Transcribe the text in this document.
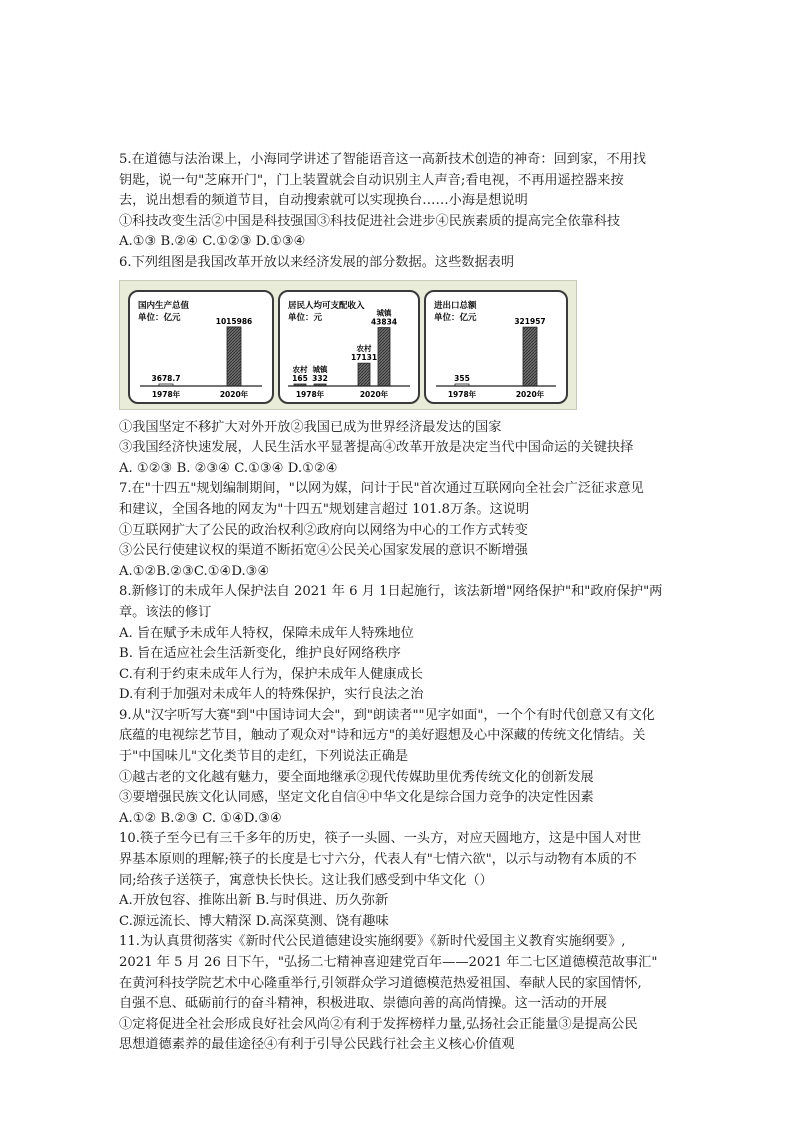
5.在道德与法治课上，小海同学讲述了智能语音这一高新技术创造的神奇：回到家，不用找
钥匙，说一句"芝麻开门"，门上装置就会自动识别主人声音;看电视，不再用遥控器来按
去，说出想看的频道节目，自动搜索就可以实现换台……小海是想说明
①科技改变生活②中国是科技强国③科技促进社会进步④民族素质的提高完全依靠科技
A.①③ B.②④ C.①②③ D.①③④
6.下列组图是我国改革开放以来经济发展的部分数据。这些数据表明
国内生产总值
单位：亿元
3678.7
1978年
1015986
2020年
居民人均可支配收入
单位：元
165
农村
332
城镇
1978年
17131
农村
43834
城镇
2020年
进出口总额
单位：亿元
355
1978年
321957
2020年
①我国坚定不移扩大对外开放②我国已成为世界经济最发达的国家
③我国经济快速发展，人民生活水平显著提高④改革开放是决定当代中国命运的关键抉择
A. ①②③ B. ②③④ C.①③④ D.①②④
7.在"十四五"规划编制期间，"以网为媒，问计于民"首次通过互联网向全社会广泛征求意见
和建议，全国各地的网友为"十四五"规划建言超过 101.8万条。这说明
①互联网扩大了公民的政治权利②政府向以网络为中心的工作方式转变
③公民行使建议权的渠道不断拓宽④公民关心国家发展的意识不断增强
A.①②B.②③C.①④D.③④
8.新修订的未成年人保护法自 2021 年 6 月 1日起施行，该法新增"网络保护"和"政府保护"两
章。该法的修订
A. 旨在赋予未成年人特权，保障未成年人特殊地位
B. 旨在适应社会生活新变化，维护良好网络秩序
C.有利于约束未成年人行为，保护未成年人健康成长
D.有利于加强对未成年人的特殊保护，实行良法之治
9.从"汉字听写大赛"到"中国诗词大会"，到"朗读者""见字如面"，一个个有时代创意又有文化
底蕴的电视综艺节目，触动了观众对"诗和远方"的美好遐想及心中深藏的传统文化情结。关
于"中国味儿"文化类节目的走红，下列说法正确是
①越古老的文化越有魅力，要全面地继承②现代传媒助里优秀传统文化的创新发展
③要增强民族文化认同感，坚定文化自信④中华文化是综合国力竞争的决定性因素
A.①② B.②③ C. ①④D.③④
10.筷子至今已有三千多年的历史，筷子一头圆、一头方，对应天圆地方，这是中国人对世
界基本原则的理解;筷子的长度是七寸六分，代表人有"七情六欲"，以示与动物有本质的不
同;给孩子送筷子，寓意快长快长。这让我们感受到中华文化（）
A.开放包容、推陈出新 B.与时俱进、历久弥新
C.源远流长、博大精深 D.高深莫测、饶有趣味
11.为认真贯彻落实《新时代公民道德建设实施纲要》《新时代爱国主义教育实施纲要》,
2021 年 5 月 26 日下午，"弘扬二七精神喜迎建党百年——2021 年二七区道德模范故事汇"
在黄河科技学院艺术中心隆重举行,引领群众学习道德模范热爱祖国、奉献人民的家国情怀,
自强不息、砥砺前行的奋斗精神，积极进取、崇德向善的高尚情操。这一活动的开展
①定将促进全社会形成良好社会风尚②有利于发挥榜样力量,弘扬社会正能量③是提高公民
思想道德素养的最佳途径④有利于引导公民践行社会主义核心价值观
